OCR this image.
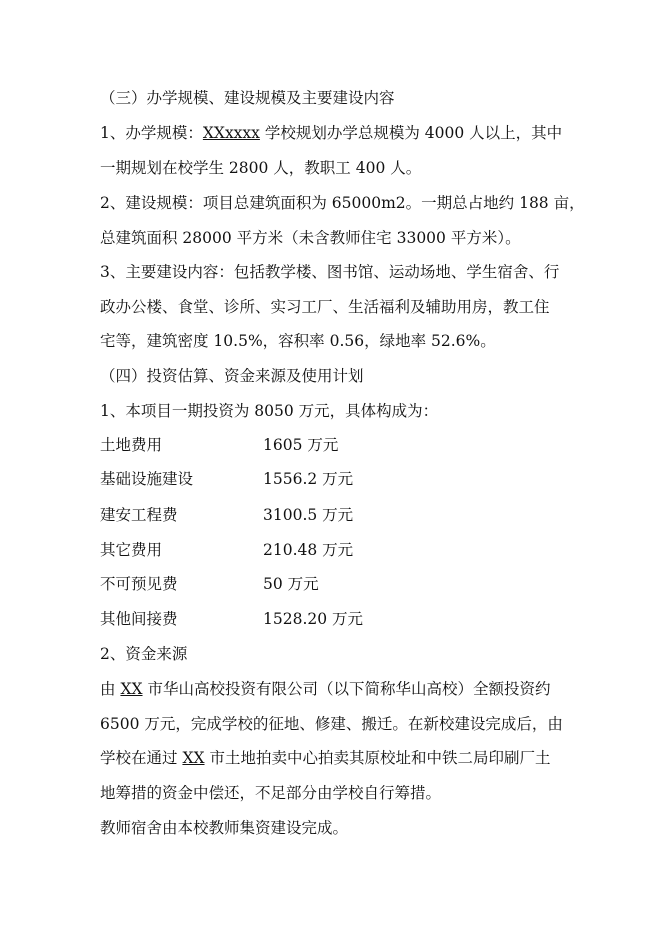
（三）办学规模、建设规模及主要建设内容
1、办学规模：XXxxxx 学校规划办学总规模为 4000 人以上，其中
一期规划在校学生 2800 人，教职工 400 人。
2、建设规模：项目总建筑面积为 65000m2。一期总占地约 188 亩，
总建筑面积 28000 平方米（未含教师住宅 33000 平方米）。
3、主要建设内容：包括教学楼、图书馆、运动场地、学生宿舍、行
政办公楼、食堂、诊所、实习工厂、生活福利及辅助用房，教工住
宅等，建筑密度 10.5%，容积率 0.56，绿地率 52.6%。
（四）投资估算、资金来源及使用计划
1、本项目一期投资为 8050 万元，具体构成为：
土地费用	1605 万元
基础设施建设	1556.2 万元
建安工程费	3100.5 万元
其它费用	210.48 万元
不可预见费	50 万元
其他间接费	1528.20 万元
2、资金来源
由 XX 市华山高校投资有限公司（以下简称华山高校）全额投资约
6500 万元，完成学校的征地、修建、搬迁。在新校建设完成后，由
学校在通过 XX 市土地拍卖中心拍卖其原校址和中铁二局印刷厂土
地筹措的资金中偿还，不足部分由学校自行筹措。
教师宿舍由本校教师集资建设完成。
